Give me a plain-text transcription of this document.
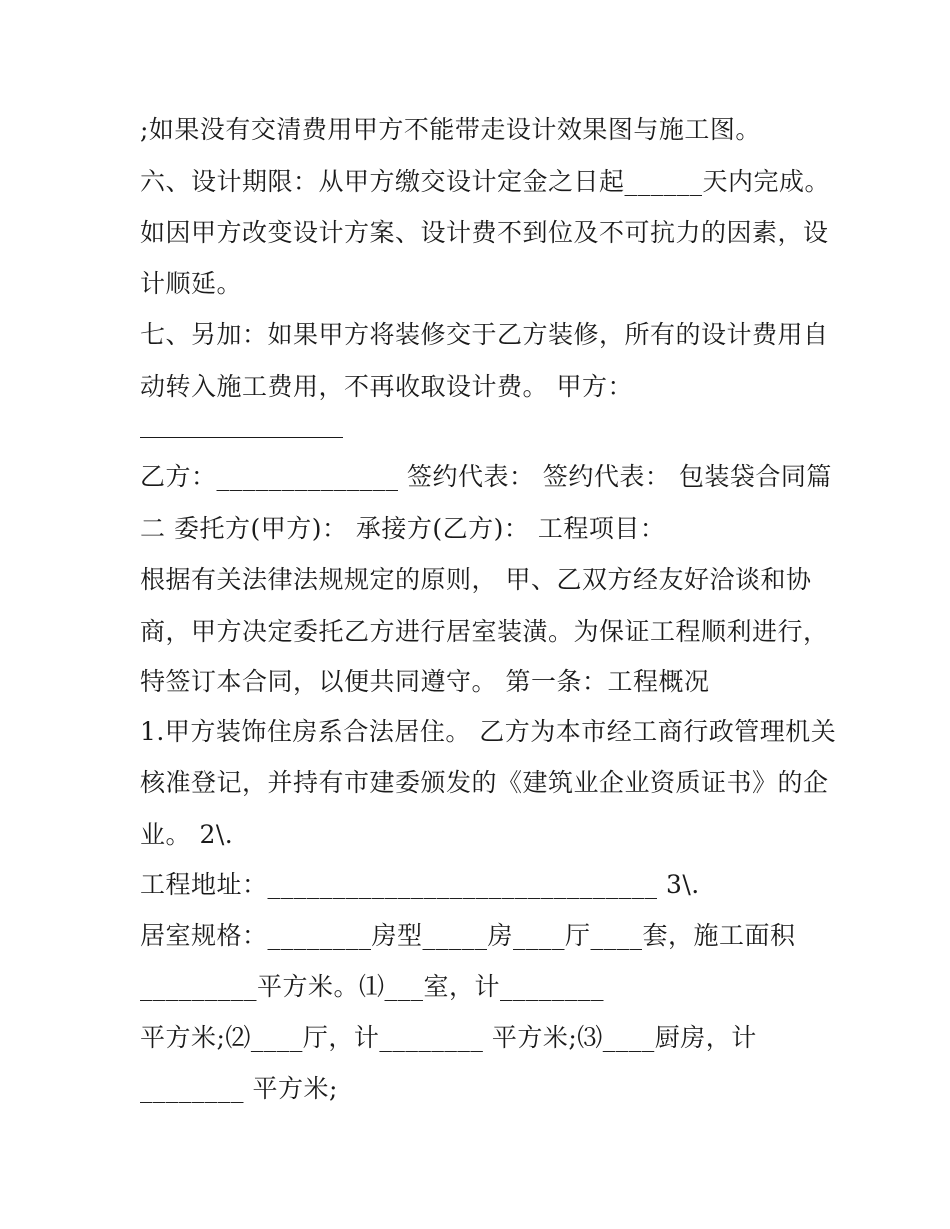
;如果没有交清费用甲方不能带走设计效果图与施工图。
六、设计期限：从甲方缴交设计定金之日起______天内完成。
如因甲方改变设计方案、设计费不到位及不可抗力的因素，设
计顺延。
七、另加：如果甲方将装修交于乙方装修，所有的设计费用自
动转入施工费用，不再收取设计费。 甲方：
乙方：______________ 签约代表： 签约代表： 包装袋合同篇
二 委托方(甲方)： 承接方(乙方)： 工程项目：
根据有关法律法规规定的原则， 甲、乙双方经友好洽谈和协
商，甲方决定委托乙方进行居室装潢。为保证工程顺利进行，
特签订本合同，以便共同遵守。 第一条：工程概况
1.甲方装饰住房系合法居住。 乙方为本市经工商行政管理机关
核准登记，并持有市建委颁发的《建筑业企业资质证书》的企
业。 2\.
工程地址：______________________________ 3\.
居室规格：________房型_____房____厅____套，施工面积
_________平方米。⑴___室，计________
平方米;⑵____厅，计________ 平方米;⑶____厨房，计
________ 平方米;
